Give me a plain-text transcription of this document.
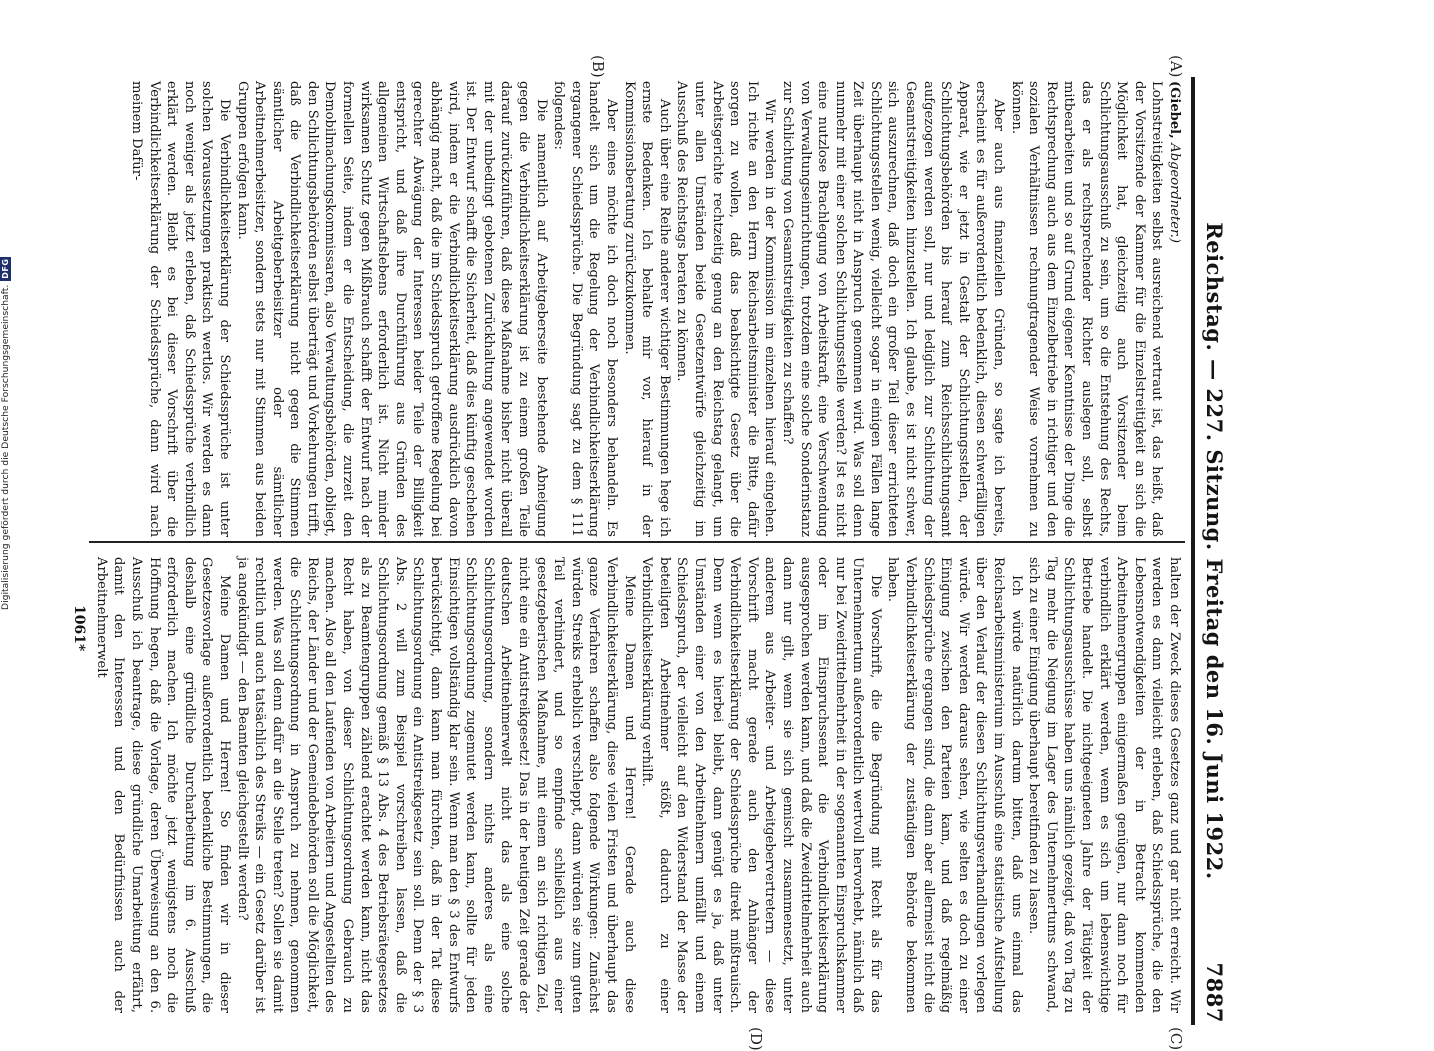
Reichstag. — 227. Sitzung. Freitag den 16. Juni 1922.
7887
(A)
(B)
(C)
(D)

(Giebel, Abgeordneter.)

Lohnstreitigkeiten selbst ausreichend vertraut ist, das heißt, daß der Vorsitzende der Kammer für die Einzelstreitigkeit an sich die Möglichkeit hat, gleichzeitig auch Vorsitzender beim Schlichtungsausschuß zu sein, um so die Entstehung des Rechts, das er als rechtsprechender Richter auslegen soll, selbst mitbearbeiten und so auf Grund eigener Kenntnisse der Dinge die Rechtsprechung auch aus dem Einzelbetriebe in richtiger und den sozialen Verhältnissen rechnungtragender Weise vornehmen zu können.

Aber auch aus finanziellen Gründen, so sagte ich bereits, erscheint es für außerordentlich bedenklich, diesen schwerfälligen Apparat, wie er jetzt in Gestalt der Schlichtungsstellen, der Schlichtungsbehörden bis herauf zum Reichsschlichtungsamt aufgezogen werden soll, nur und lediglich zur Schlichtung der Gesamtstreitigkeiten hinzustellen. Ich glaube, es ist nicht schwer, sich auszurechnen, daß doch ein großer Teil dieser errichteten Schlichtungsstellen wenig, vielleicht sogar in einigen Fällen lange Zeit überhaupt nicht in Anspruch genommen wird. Was soll denn nunmehr mit einer solchen Schlichtungsstelle werden? Ist es nicht eine nutzlose Brachlegung von Arbeitskraft, eine Verschwendung von Verwaltungseinrichtungen, trotzdem eine solche Sonderinstanz zur Schlichtung von Gesamtstreitigkeiten zu schaffen?

Wir werden in der Kommission im einzelnen hierauf eingehen. Ich richte an den Herrn Reichsarbeitsminister die Bitte, dafür sorgen zu wollen, daß das beabsichtigte Gesetz über die Arbeitsgerichte rechtzeitig genug an den Reichstag gelangt, um unter allen Umständen beide Gesetzentwürfe gleichzeitig im Ausschuß des Reichstags beraten zu können.

Auch über eine Reihe anderer wichtiger Bestimmungen hege ich ernste Bedenken. Ich behalte mir vor, hierauf in der Kommissionsberatung zurückzukommen.

Aber eines möchte ich doch noch besonders behandeln. Es handelt sich um die Regelung der Verbindlichkeitserklärung ergangener Schiedssprüche. Die Begründung sagt zu dem § 111 folgendes:

Die namentlich auf Arbeitgeberseite bestehende Abneigung gegen die Verbindlichkeitserklärung ist zu einem großen Teile darauf zurückzuführen, daß diese Maßnahme bisher nicht überall mit der unbedingt gebotenen Zurückhaltung angewendet worden ist. Der Entwurf schafft die Sicherheit, daß dies künftig geschehen wird, indem er die Verbindlichkeitserklärung ausdrücklich davon abhängig macht, daß die im Schiedsspruch getroffene Regelung bei gerechter Abwägung der Interessen beider Teile der Billigkeit entspricht, und daß ihre Durchführung aus Gründen des allgemeinen Wirtschaftslebens erforderlich ist. Nicht minder wirksamen Schutz gegen Mißbrauch schafft der Entwurf nach der formellen Seite, indem er die Entscheidung, die zurzeit den Demobilmachungskommissaren, also Verwaltungsbehörden, obliegt, den Schlichtungsbehörden selbst überträgt und Vorkehrungen trifft, daß die Verbindlichkeitserklärung nicht gegen die Stimmen sämtlicher Arbeitgeberbeisitzer oder sämtlicher Arbeitnehmerbeisitzer, sondern stets nur mit Stimmen aus beiden Gruppen erfolgen kann.

Die Verbindlichkeitserklärung der Schiedssprüche ist unter solchen Voraussetzungen praktisch wertlos. Wir werden es dann noch weniger als jetzt erleben, daß Schiedssprüche verbindlich erklärt werden. Bleibt es bei dieser Vorschrift über die Verbindlichkeitserklärung der Schiedssprüche, dann wird nach meinem Dafür-

halten der Zweck dieses Gesetzes ganz und gar nicht erreicht. Wir werden es dann vielleicht erleben, daß Schiedssprüche, die den Lebensnotwendigkeiten der in Betracht kommenden Arbeitnehmergruppen einigermaßen genügen, nur dann noch für verbindlich erklärt werden, wenn es sich um lebenswichtige Betriebe handelt. Die nichtgeeigneten Jahre der Tätigkeit der Schlichtungsausschüsse haben uns nämlich gezeigt, daß von Tag zu Tag mehr die Neigung im Lager des Unternehmertums schwand, sich zu einer Einigung überhaupt bereitfinden zu lassen.

Ich würde natürlich darum bitten, daß uns einmal das Reichsarbeitsministerium im Ausschuß eine statistische Aufstellung über den Verlauf der diesen Schlichtungsverhandlungen vorlegen würde. Wir werden daraus sehen, wie selten es doch zu einer Einigung zwischen den Parteien kam, und daß regelmäßig Schiedssprüche ergangen sind, die dann aber allermeist nicht die Verbindlichkeitserklärung der zuständigen Behörde bekommen haben.

Die Vorschrift, die die Begründung mit Recht als für das Unternehmertum außerordentlich wertvoll hervorhebt, nämlich daß nur bei Zweidrittelmehrheit in der sogenannten Einspruchskammer oder im Einspruchssenat die Verbindlichkeitserklärung ausgesprochen werden kann, und daß die Zweidrittelmehrheit auch dann nur gilt, wenn sie sich gemischt zusammensetzt, unter anderem aus Arbeiter- und Arbeitgebervertretern — diese Vorschrift macht gerade auch den Anhänger der Verbindlichkeitserklärung der Schiedssprüche direkt mißtrauisch. Denn wenn es hierbei bleibt, dann genügt es ja, daß unter Umständen einer von den Arbeitnehmern umfällt und einem Schiedsspruch, der vielleicht auf den Widerstand der Masse der beteiligten Arbeitnehmer stößt, dadurch zu einer Verbindlichkeitserklärung verhilft.

Meine Damen und Herren! Gerade auch diese Verbindlichkeitserklärung, diese vielen Fristen und überhaupt das ganze Verfahren schaffen also folgende Wirkungen: Zunächst würden Streiks erheblich verschleppt, dann würden sie zum guten Teil verhindert, und so empfinde schließlich aus einer gesetzgeberischen Maßnahme, mit einem an sich richtigen Ziel, nicht eine ein Antistreikgesetz! Das in der heutigen Zeit gerade der deutschen Arbeitnehmerwelt nicht das als eine solche Schlichtungsordnung, sondern nichts anderes als eine Schlichtungsordnung zugemutet werden kann, sollte für jeden Einsichtigen vollständig klar sein. Wenn man den § 3 des Entwurfs berücksichtigt, dann kann man fürchten, daß in der Tat diese Schlichtungsordnung ein Antistreikgesetz sein soll. Denn der § 3 Abs. 2 will zum Beispiel vorschreiben lassen, daß die Schlichtungsordnung gemäß § 13 Abs. 4 des Betriebsrätegesetzes als zu Beamtengruppen zählend erachtet werden kann, nicht das Recht haben, von dieser Schlichtungsordnung Gebrauch zu machen. Also all den Laufenden von Arbeitern und Angestellten des Reichs, der Länder und der Gemeindebehörden soll die Möglichkeit, die Schlichtungsordnung in Anspruch zu nehmen, genommen werden. Was soll denn dafür an die Stelle treten? Sollen sie damit rechtlich und auch tatsächlich des Streiks — ein Gesetz darüber ist ja angekündigt — den Beamten gleichgestellt werden?

Meine Damen und Herren! So finden wir in dieser Gesetzesvorlage außerordentlich bedenkliche Bestimmungen, die deshalb eine gründliche Durcharbeitung im 6. Ausschuß erforderlich machen. Ich möchte jetzt wenigstens noch die Hoffnung hegen, daß die Vorlage, deren Überweisung an den 6. Ausschuß ich beantrage, diese gründliche Umarbeitung erfährt, damit den Interessen und den Bedürfnissen auch der Arbeitnehmerwelt

1061*
Digitalisierung gefördert durch die Deutsche Forschungsgemeinschaft.
DFG
